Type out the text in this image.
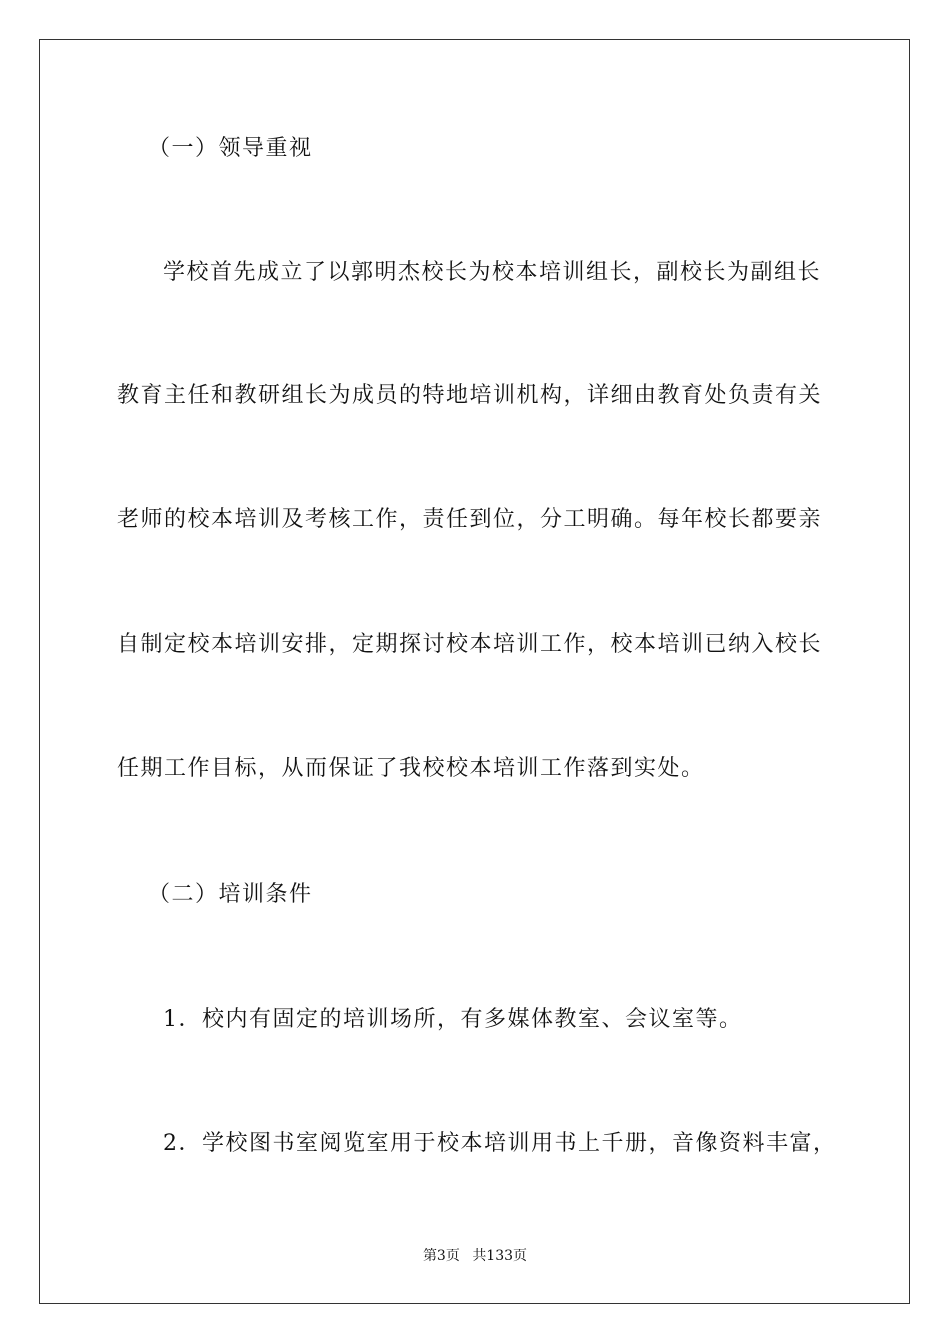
（一）领导重视
学校首先成立了以郭明杰校长为校本培训组长，副校长为副组长
教育主任和教研组长为成员的特地培训机构，详细由教育处负责有关
老师的校本培训及考核工作，责任到位，分工明确。每年校长都要亲
自制定校本培训安排，定期探讨校本培训工作，校本培训已纳入校长
任期工作目标，从而保证了我校校本培训工作落到实处。
（二）培训条件
1．校内有固定的培训场所，有多媒体教室、会议室等。
2．学校图书室阅览室用于校本培训用书上千册，音像资料丰富，
第3页 共133页
